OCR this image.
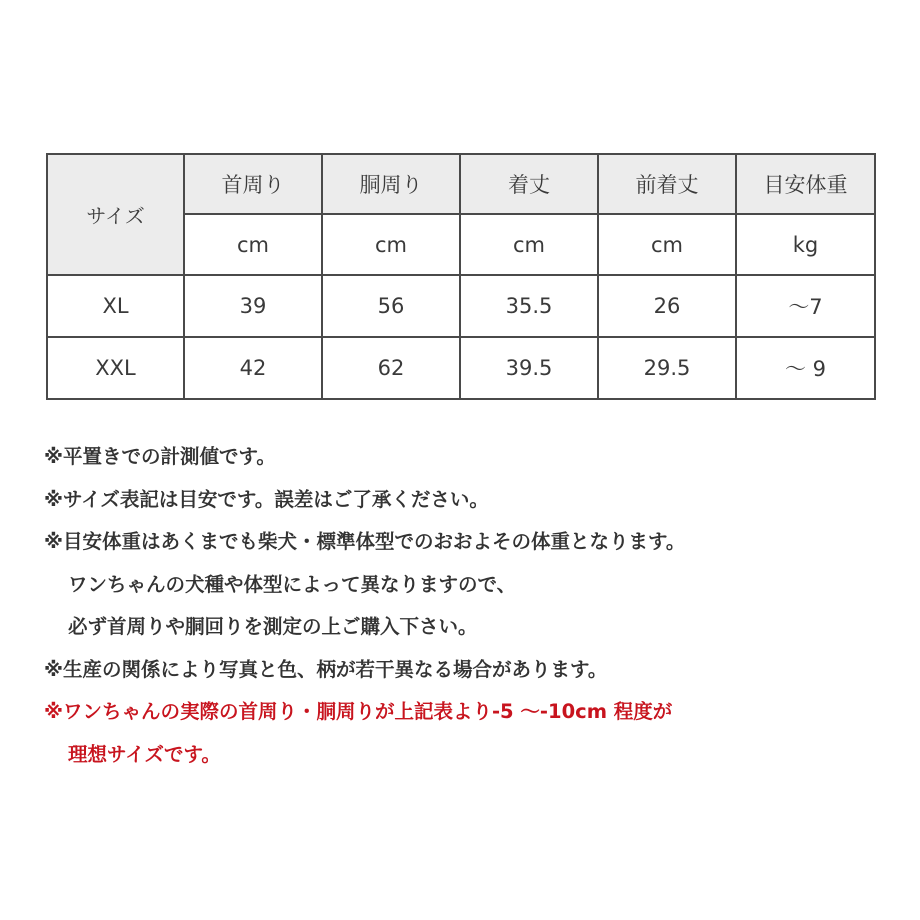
サイズ	首周り	胴周り	着丈	前着丈	目安体重
	cm	cm	cm	cm	kg
XL	39	56	35.5	26	～7
XXL	42	62	39.5	29.5	～ 9
※平置きでの計測値です。
※サイズ表記は目安です。誤差はご了承ください。
※目安体重はあくまでも柴犬・標準体型でのおおよその体重となります。
ワンちゃんの犬種や体型によって異なりますので、
必ず首周りや胴回りを測定の上ご購入下さい。
※生産の関係により写真と色、柄が若干異なる場合があります。
※ワンちゃんの実際の首周り・胴周りが上記表より-5 ～-10cm 程度が
理想サイズです。
